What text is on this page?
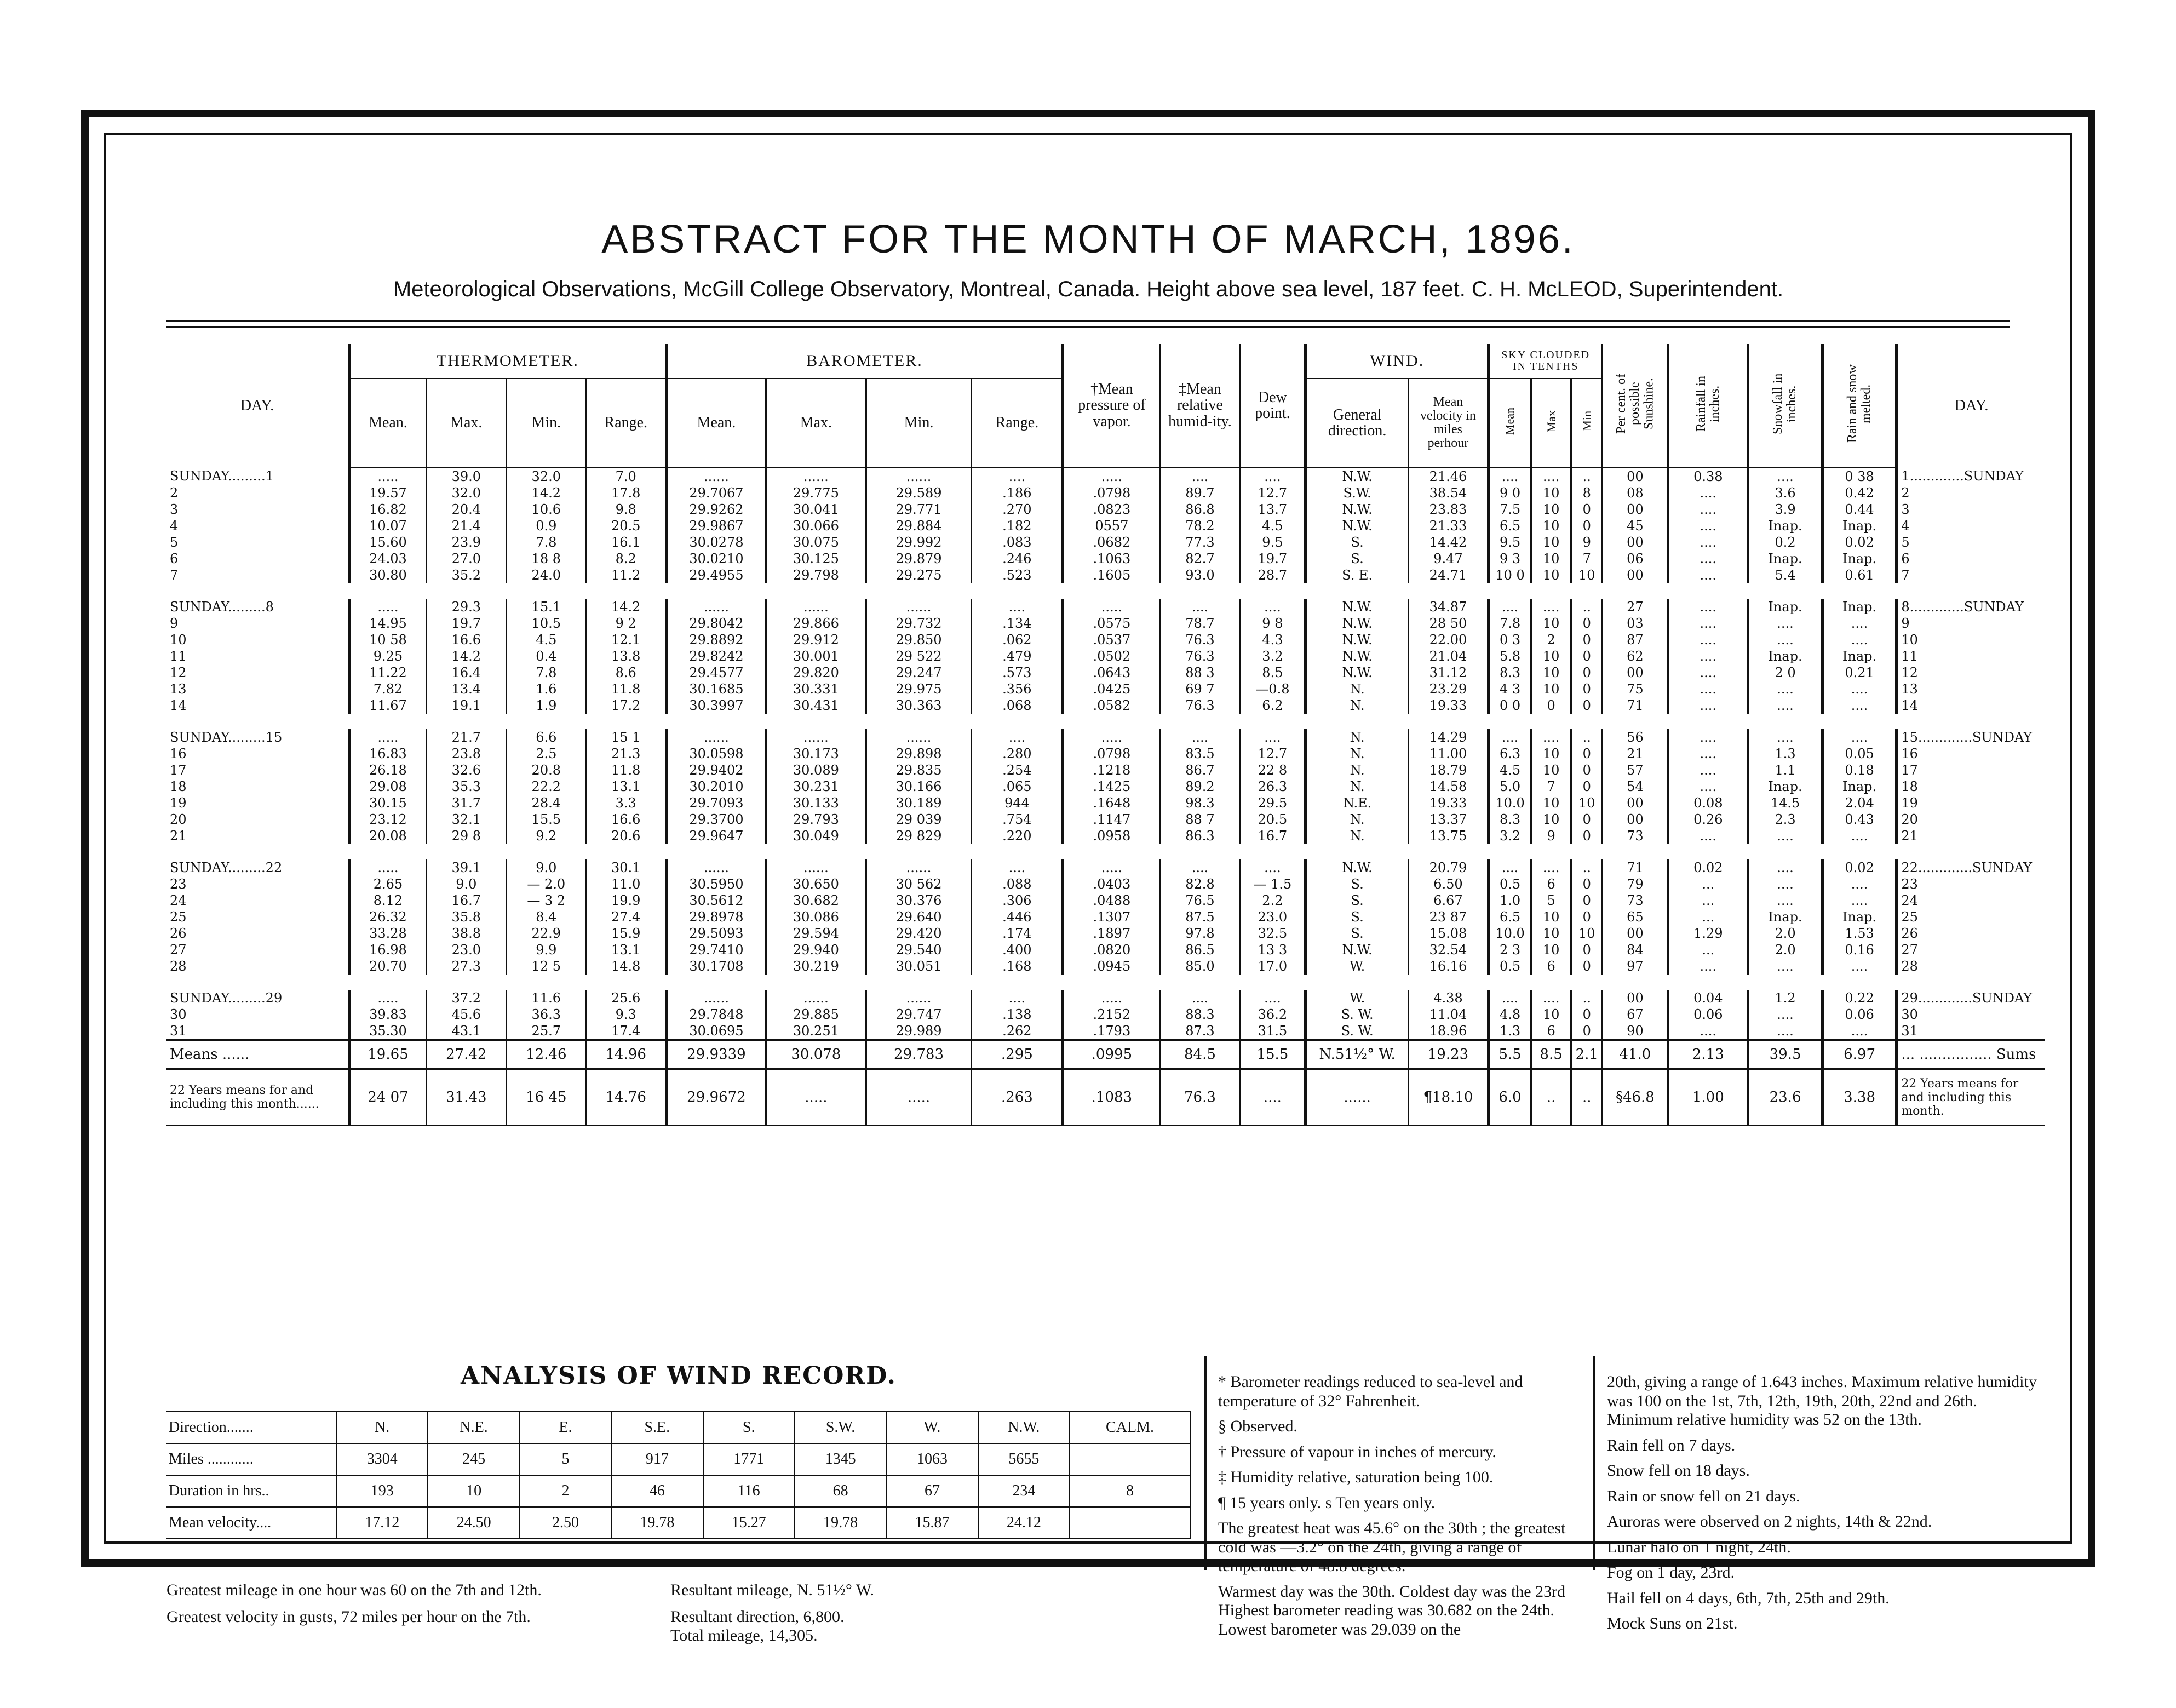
ABSTRACT FOR THE MONTH OF MARCH, 1896.
Meteorological Observations, McGill College Observatory, Montreal, Canada. Height above sea level, 187 feet. C. H. McLEOD, Superintendent.
DAY.	THERMOMETER.				BAROMETER.				†Mean pressure of vapor.	‡Mean relative humid-ity.	Dew point.	WIND.		SKY CLOUDED IN TENTHS			Per cent. of possible Sunshine.	Rainfall in inches.	Snowfall in inches.	Rain and snow melted.	DAY.
	Mean.	Max.	Min.	Range.	Mean.	Max.	Min.	Range.				General direction.	Mean velocity in miles perhour	Mean	Max	Min					
SUNDAY.........1	.....	39.0	32.0	7.0	......	......	......	....	.....	....	....	N.W.	21.46	....	....	..	00	0.38	....	0 38	1.............SUNDAY
2	19.57	32.0	14.2	17.8	29.7067	29.775	29.589	.186	.0798	89.7	12.7	S.W.	38.54	9 0	10	8	08	....	3.6	0.42	2
3	16.82	20.4	10.6	9.8	29.9262	30.041	29.771	.270	.0823	86.8	13.7	N.W.	23.83	7.5	10	0	00	....	3.9	0.44	3
4	10.07	21.4	0.9	20.5	29.9867	30.066	29.884	.182	0557	78.2	4.5	N.W.	21.33	6.5	10	0	45	....	Inap.	Inap.	4
5	15.60	23.9	7.8	16.1	30.0278	30.075	29.992	.083	.0682	77.3	9.5	S.	14.42	9.5	10	9	00	....	0.2	0.02	5
6	24.03	27.0	18 8	8.2	30.0210	30.125	29.879	.246	.1063	82.7	19.7	S.	9.47	9 3	10	7	06	....	Inap.	Inap.	6
7	30.80	35.2	24.0	11.2	29.4955	29.798	29.275	.523	.1605	93.0	28.7	S. E.	24.71	10 0	10	10	00	....	5.4	0.61	7

SUNDAY.........8	.....	29.3	15.1	14.2	......	......	......	....	.....	....	....	N.W.	34.87	....	....	..	27	....	Inap.	Inap.	8.............SUNDAY
9	14.95	19.7	10.5	9 2	29.8042	29.866	29.732	.134	.0575	78.7	9 8	N.W.	28 50	7.8	10	0	03	....	....	....	9
10	10 58	16.6	4.5	12.1	29.8892	29.912	29.850	.062	.0537	76.3	4.3	N.W.	22.00	0 3	2	0	87	....	....	....	10
11	9.25	14.2	0.4	13.8	29.8242	30.001	29 522	.479	.0502	76.3	3.2	N.W.	21.04	5.8	10	0	62	....	Inap.	Inap.	11
12	11.22	16.4	7.8	8.6	29.4577	29.820	29.247	.573	.0643	88 3	8.5	N.W.	31.12	8.3	10	0	00	....	2 0	0.21	12
13	7.82	13.4	1.6	11.8	30.1685	30.331	29.975	.356	.0425	69 7	—0.8	N.	23.29	4 3	10	0	75	....	....	....	13
14	11.67	19.1	1.9	17.2	30.3997	30.431	30.363	.068	.0582	76.3	6.2	N.	19.33	0 0	0	0	71	....	....	....	14

SUNDAY.........15	.....	21.7	6.6	15 1	......	......	......	....	.....	....	....	N.	14.29	....	....	..	56	....	....	....	15.............SUNDAY
16	16.83	23.8	2.5	21.3	30.0598	30.173	29.898	.280	.0798	83.5	12.7	N.	11.00	6.3	10	0	21	....	1.3	0.05	16
17	26.18	32.6	20.8	11.8	29.9402	30.089	29.835	.254	.1218	86.7	22 8	N.	18.79	4.5	10	0	57	....	1.1	0.18	17
18	29.08	35.3	22.2	13.1	30.2010	30.231	30.166	.065	.1425	89.2	26.3	N.	14.58	5.0	7	0	54	....	Inap.	Inap.	18
19	30.15	31.7	28.4	3.3	29.7093	30.133	30.189	944	.1648	98.3	29.5	N.E.	19.33	10.0	10	10	00	0.08	14.5	2.04	19
20	23.12	32.1	15.5	16.6	29.3700	29.793	29 039	.754	.1147	88 7	20.5	N.	13.37	8.3	10	0	00	0.26	2.3	0.43	20
21	20.08	29 8	9.2	20.6	29.9647	30.049	29 829	.220	.0958	86.3	16.7	N.	13.75	3.2	9	0	73	....	....	....	21

SUNDAY.........22	.....	39.1	9.0	30.1	......	......	......	....	.....	....	....	N.W.	20.79	....	....	..	71	0.02	....	0.02	22.............SUNDAY
23	2.65	9.0	— 2.0	11.0	30.5950	30.650	30 562	.088	.0403	82.8	— 1.5	S.	6.50	0.5	6	0	79	...	....	....	23
24	8.12	16.7	— 3 2	19.9	30.5612	30.682	30.376	.306	.0488	76.5	2.2	S.	6.67	1.0	5	0	73	...	....	....	24
25	26.32	35.8	8.4	27.4	29.8978	30.086	29.640	.446	.1307	87.5	23.0	S.	23 87	6.5	10	0	65	...	Inap.	Inap.	25
26	33.28	38.8	22.9	15.9	29.5093	29.594	29.420	.174	.1897	97.8	32.5	S.	15.08	10.0	10	10	00	1.29	2.0	1.53	26
27	16.98	23.0	9.9	13.1	29.7410	29.940	29.540	.400	.0820	86.5	13 3	N.W.	32.54	2 3	10	0	84	...	2.0	0.16	27
28	20.70	27.3	12 5	14.8	30.1708	30.219	30.051	.168	.0945	85.0	17.0	W.	16.16	0.5	6	0	97	....	....	....	28

SUNDAY.........29	.....	37.2	11.6	25.6	......	......	......	....	.....	....	....	W.	4.38	....	....	..	00	0.04	1.2	0.22	29.............SUNDAY
30	39.83	45.6	36.3	9.3	29.7848	29.885	29.747	.138	.2152	88.3	36.2	S. W.	11.04	4.8	10	0	67	0.06	....	0.06	30
31	35.30	43.1	25.7	17.4	30.0695	30.251	29.989	.262	.1793	87.3	31.5	S. W.	18.96	1.3	6	0	90	....	....	....	31
Means ......	19.65	27.42	12.46	14.96	29.9339	30.078	29.783	.295	.0995	84.5	15.5	N.51½° W.	19.23	5.5	8.5	2.1	41.0	2.13	39.5	6.97	... ................ Sums
22 Years means for and including this month......	24 07	31.43	16 45	14.76	29.9672	.....	.....	.263	.1083	76.3	....	......	¶18.10	6.0	..	..	§46.8	1.00	23.6	3.38	22 Years means for and including this month.
ANALYSIS OF WIND RECORD.
Direction.......	N.	N.E.	E.	S.E.	S.	S.W.	W.	N.W.	CALM.
Miles ............	3304	245	5	917	1771	1345	1063	5655	
Duration in hrs..	193	10	2	46	116	68	67	234	8
Mean velocity....	17.12	24.50	2.50	19.78	15.27	19.78	15.87	24.12	

Greatest mileage in one hour was 60 on the 7th and 12th.

Greatest velocity in gusts, 72 miles per hour on the 7th.

Resultant mileage, N. 51½° W.

Resultant direction, 6,800.

Total mileage, 14,305.

* Barometer readings reduced to sea-level and temperature of 32° Fahrenheit.

§ Observed.

† Pressure of vapour in inches of mercury.

‡ Humidity relative, saturation being 100.

¶ 15 years only. s Ten years only.

The greatest heat was 45.6° on the 30th ; the greatest cold was —3.2° on the 24th, giving a range of temperature of 48.8 degrees.

Warmest day was the 30th. Coldest day was the 23rd Highest barometer reading was 30.682 on the 24th. Lowest barometer was 29.039 on the

20th, giving a range of 1.643 inches. Maximum relative humidity was 100 on the 1st, 7th, 12th, 19th, 20th, 22nd and 26th. Minimum relative humidity was 52 on the 13th.

Rain fell on 7 days.

Snow fell on 18 days.

Rain or snow fell on 21 days.

Auroras were observed on 2 nights, 14th & 22nd.

Lunar halo on 1 night, 24th.

Fog on 1 day, 23rd.

Hail fell on 4 days, 6th, 7th, 25th and 29th.

Mock Suns on 21st.
